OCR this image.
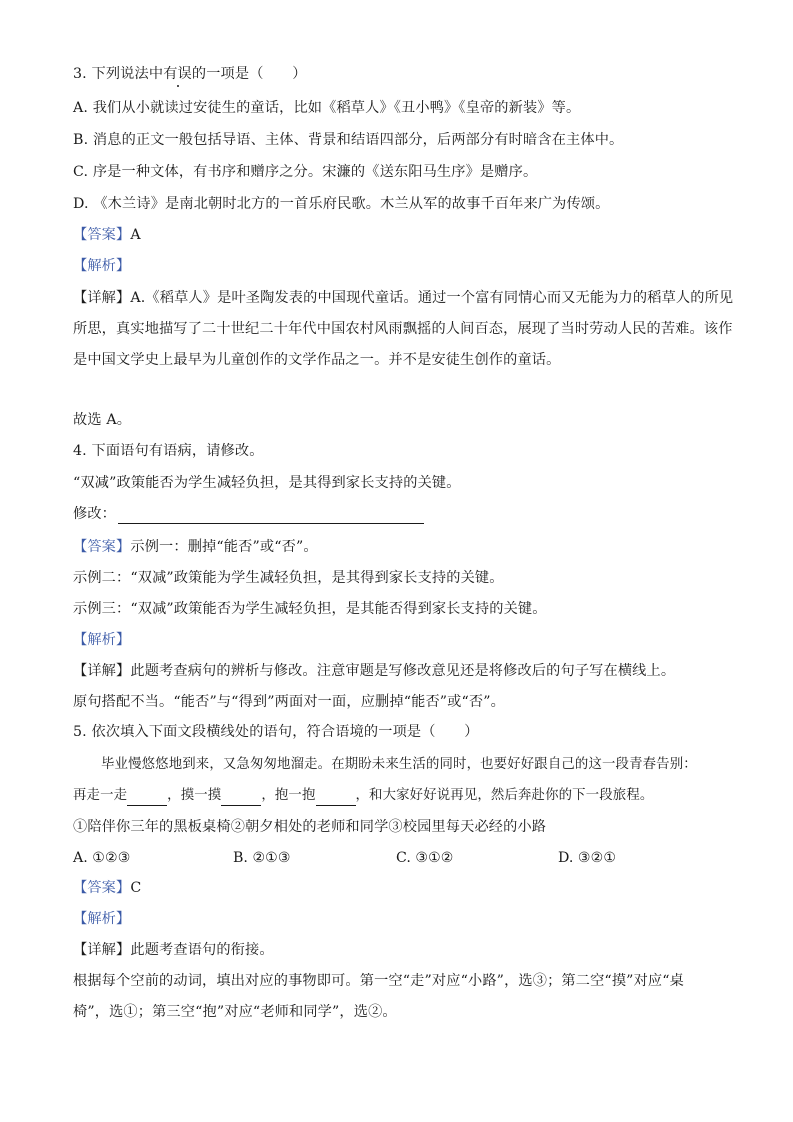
3. 下列说法中有误的一项是（　　）
A. 我们从小就读过安徒生的童话，比如《稻草人》《丑小鸭》《皇帝的新装》等。
B. 消息的正文一般包括导语、主体、背景和结语四部分，后两部分有时暗含在主体中。
C. 序是一种文体，有书序和赠序之分。宋濂的《送东阳马生序》是赠序。
D. 《木兰诗》是南北朝时北方的一首乐府民歌。木兰从军的故事千百年来广为传颂。
【答案】A
【解析】
【详解】A.《稻草人》是叶圣陶发表的中国现代童话。通过一个富有同情心而又无能为力的稻草人的所见
所思，真实地描写了二十世纪二十年代中国农村风雨飘摇的人间百态，展现了当时劳动人民的苦难。该作
是中国文学史上最早为儿童创作的文学作品之一。并不是安徒生创作的童话。
故选 A。
4. 下面语句有语病，请修改。
“双减”政策能否为学生减轻负担，是其得到家长支持的关键。
修改：
【答案】示例一：删掉“能否”或“否”。
示例二：“双减”政策能为学生减轻负担，是其得到家长支持的关键。
示例三：“双减”政策能否为学生减轻负担，是其能否得到家长支持的关键。
【解析】
【详解】此题考查病句的辨析与修改。注意审题是写修改意见还是将修改后的句子写在横线上。
原句搭配不当。“能否”与“得到”两面对一面，应删掉“能否”或“否”。
5. 依次填入下面文段横线处的语句，符合语境的一项是（　　）
毕业慢悠悠地到来，又急匆匆地溜走。在期盼未来生活的同时，也要好好跟自己的这一段青春告别：
再走一走	，摸一摸	，抱一抱	，和大家好好说再见，然后奔赴你的下一段旅程。
①陪伴你三年的黑板桌椅②朝夕相处的老师和同学③校园里每天必经的小路
A. ①②③	B. ②①③	C. ③①②	D. ③②①
【答案】C
【解析】
【详解】此题考查语句的衔接。
根据每个空前的动词，填出对应的事物即可。第一空“走”对应“小路”，选③；第二空“摸”对应“桌
椅”，选①；第三空“抱”对应“老师和同学”，选②。
